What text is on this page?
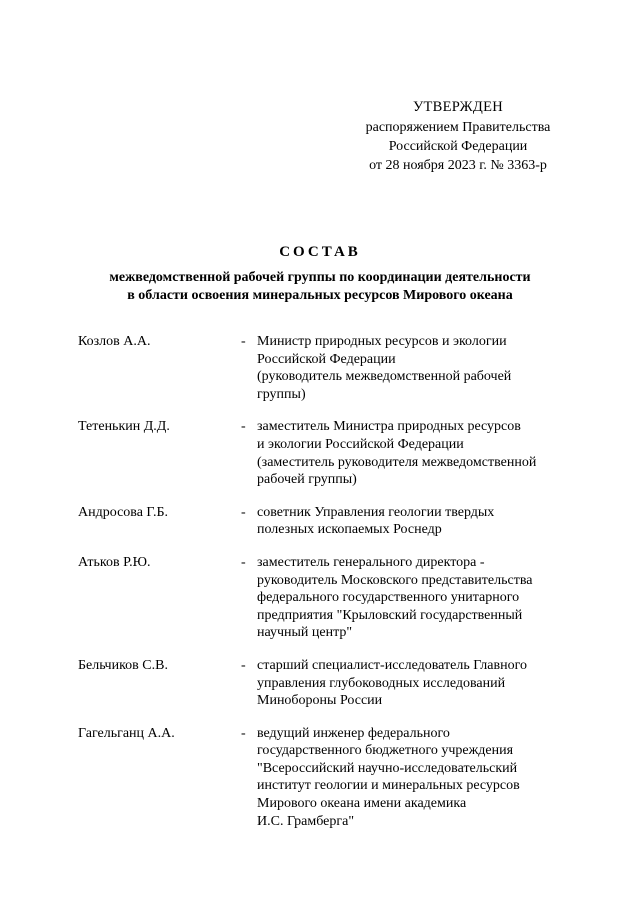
УТВЕРЖДЕН
распоряжением Правительства
Российской Федерации
от 28 ноября 2023 г. № 3363-р
СОСТАВ
межведомственной рабочей группы по координации деятельности
в области освоения минеральных ресурсов Мирового океана
Козлов А.А.	- Министр природных ресурсов и экологии
Российской Федерации
(руководитель межведомственной рабочей
группы)
Тетенькин Д.Д.	- заместитель Министра природных ресурсов
и экологии Российской Федерации
(заместитель руководителя межведомственной
рабочей группы)
Андросова Г.Б.	- советник Управления геологии твердых
полезных ископаемых Роснедр
Атьков Р.Ю.	- заместитель генерального директора -
руководитель Московского представительства
федерального государственного унитарного
предприятия "Крыловский государственный
научный центр"
Бельчиков С.В.	- старший специалист-исследователь Главного
управления глубоководных исследований
Минобороны России
Гагельганц А.А.	- ведущий инженер федерального
государственного бюджетного учреждения
"Всероссийский научно-исследовательский
институт геологии и минеральных ресурсов
Мирового океана имени академика
И.С. Грамберга"
